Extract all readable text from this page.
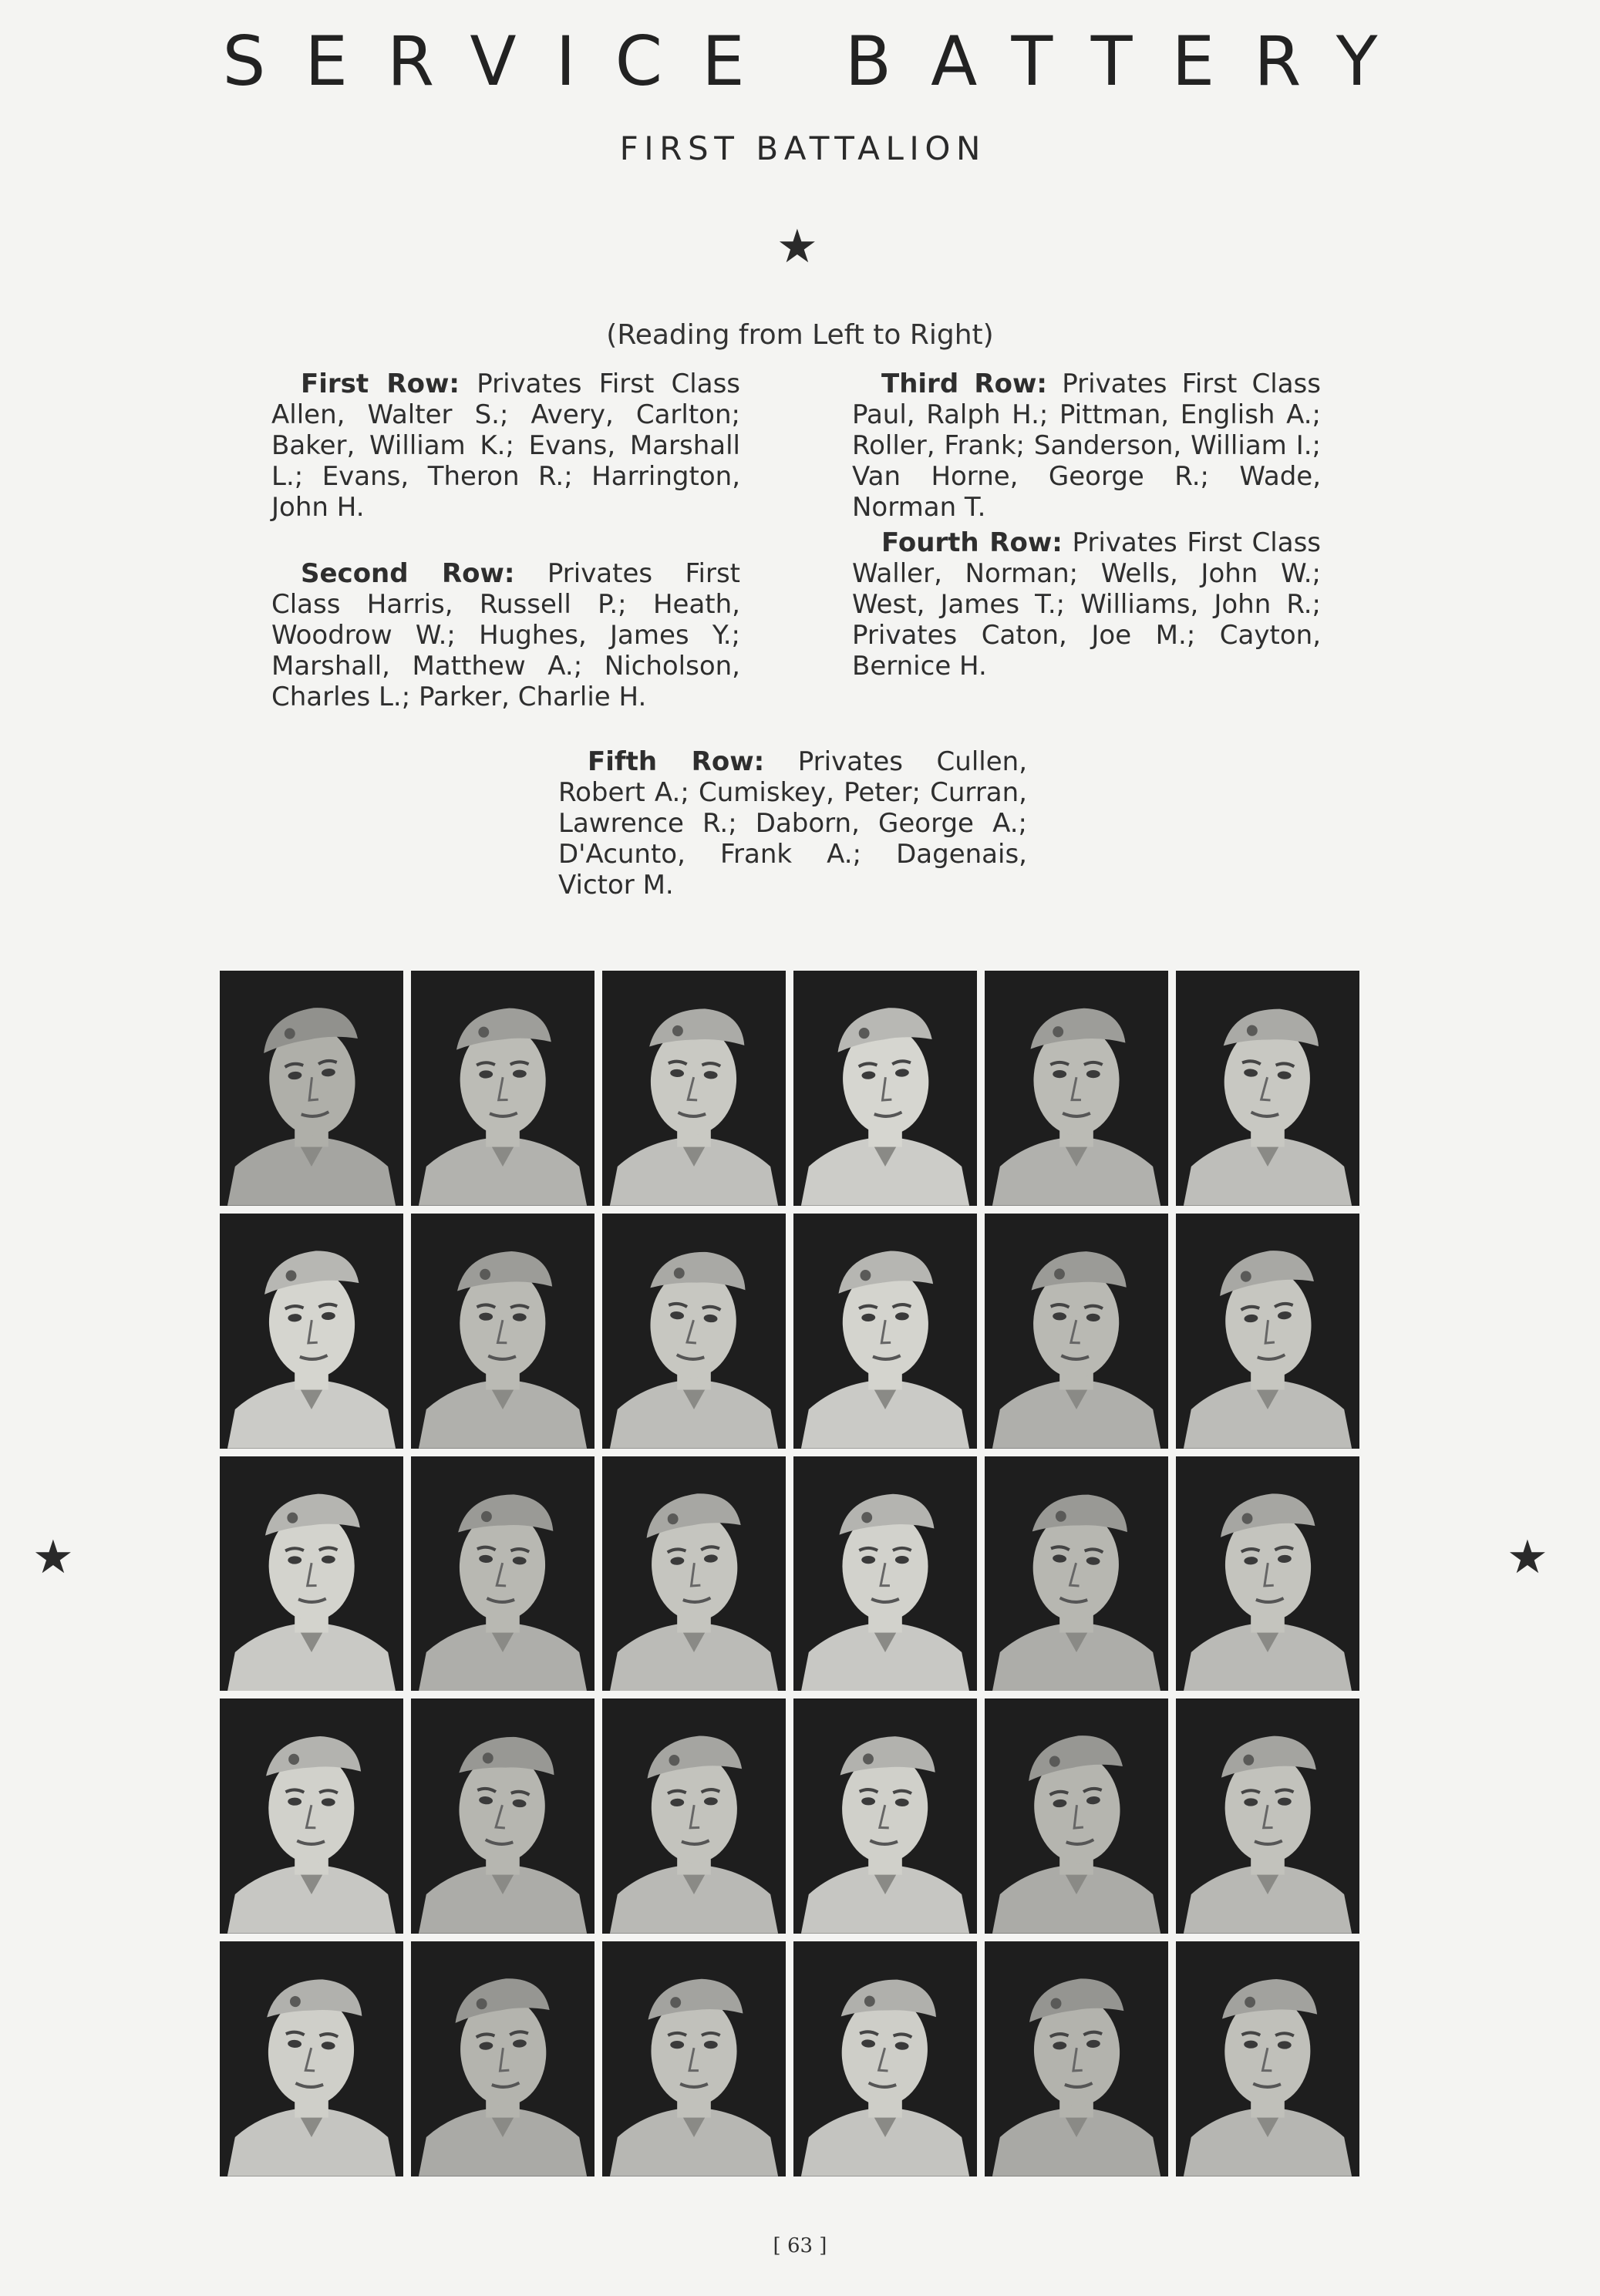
SERVICE BATTERY
FIRST BATTALION
★
★	★
(Reading from Left to Right)
First Row: Privates First Class Allen, Walter S.; Avery, Carlton; Baker, William K.; Evans, Marshall L.; Evans, Theron R.; Harrington, John H.
Second Row: Privates First Class Harris, Russell P.; Heath, Woodrow W.; Hughes, James Y.; Marshall, Matthew A.; Nicholson, Charles L.; Parker, Charlie H.
Third Row: Privates First Class Paul, Ralph H.; Pittman, English A.; Roller, Frank; Sanderson, William I.; Van Horne, George R.; Wade, Norman T.
Fourth Row: Privates First Class Waller, Norman; Wells, John W.; West, James T.; Williams, John R.; Privates Caton, Joe M.; Cayton, Bernice H.
Fifth Row: Privates Cullen, Robert A.; Cumiskey, Peter; Curran, Lawrence R.; Daborn, George A.; D'Acunto, Frank A.; Dagenais, Victor M.
[ 63 ]
